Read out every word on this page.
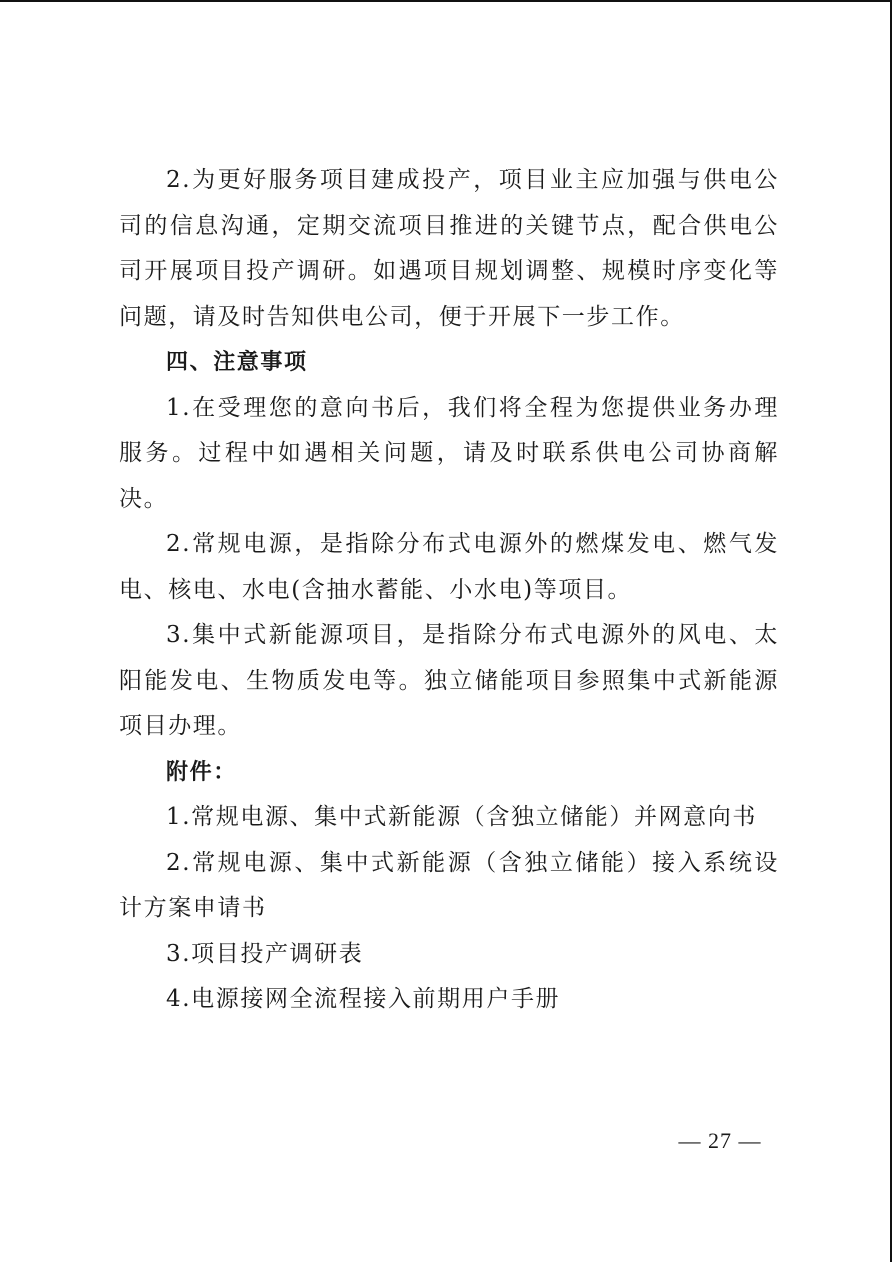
2.为更好服务项目建成投产，项目业主应加强与供电公司的信息沟通，定期交流项目推进的关键节点，配合供电公司开展项目投产调研。如遇项目规划调整、规模时序变化等问题，请及时告知供电公司，便于开展下一步工作。

四、注意事项

1.在受理您的意向书后，我们将全程为您提供业务办理服务。过程中如遇相关问题，请及时联系供电公司协商解决。

2.常规电源，是指除分布式电源外的燃煤发电、燃气发电、核电、水电(含抽水蓄能、小水电)等项目。

3.集中式新能源项目，是指除分布式电源外的风电、太阳能发电、生物质发电等。独立储能项目参照集中式新能源项目办理。

附件：

1.常规电源、集中式新能源（含独立储能）并网意向书

2.常规电源、集中式新能源（含独立储能）接入系统设计方案申请书

3.项目投产调研表

4.电源接网全流程接入前期用户手册

— 27 —
